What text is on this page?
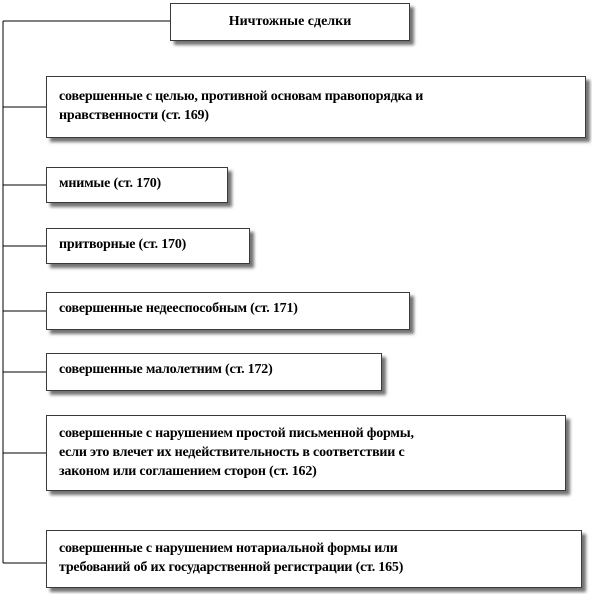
Ничтожные сделки
совершенные с целью, противной основам правопорядка и
нравственности (ст. 169)
мнимые (ст. 170)
притворные (ст. 170)
совершенные недееспособным (ст. 171)
совершенные малолетним (ст. 172)
совершенные с нарушением простой письменной формы,
если это влечет их недействительность в соответствии с
законом или соглашением сторон (ст. 162)
совершенные с нарушением нотариальной формы или
требований об их государственной регистрации (ст. 165)
